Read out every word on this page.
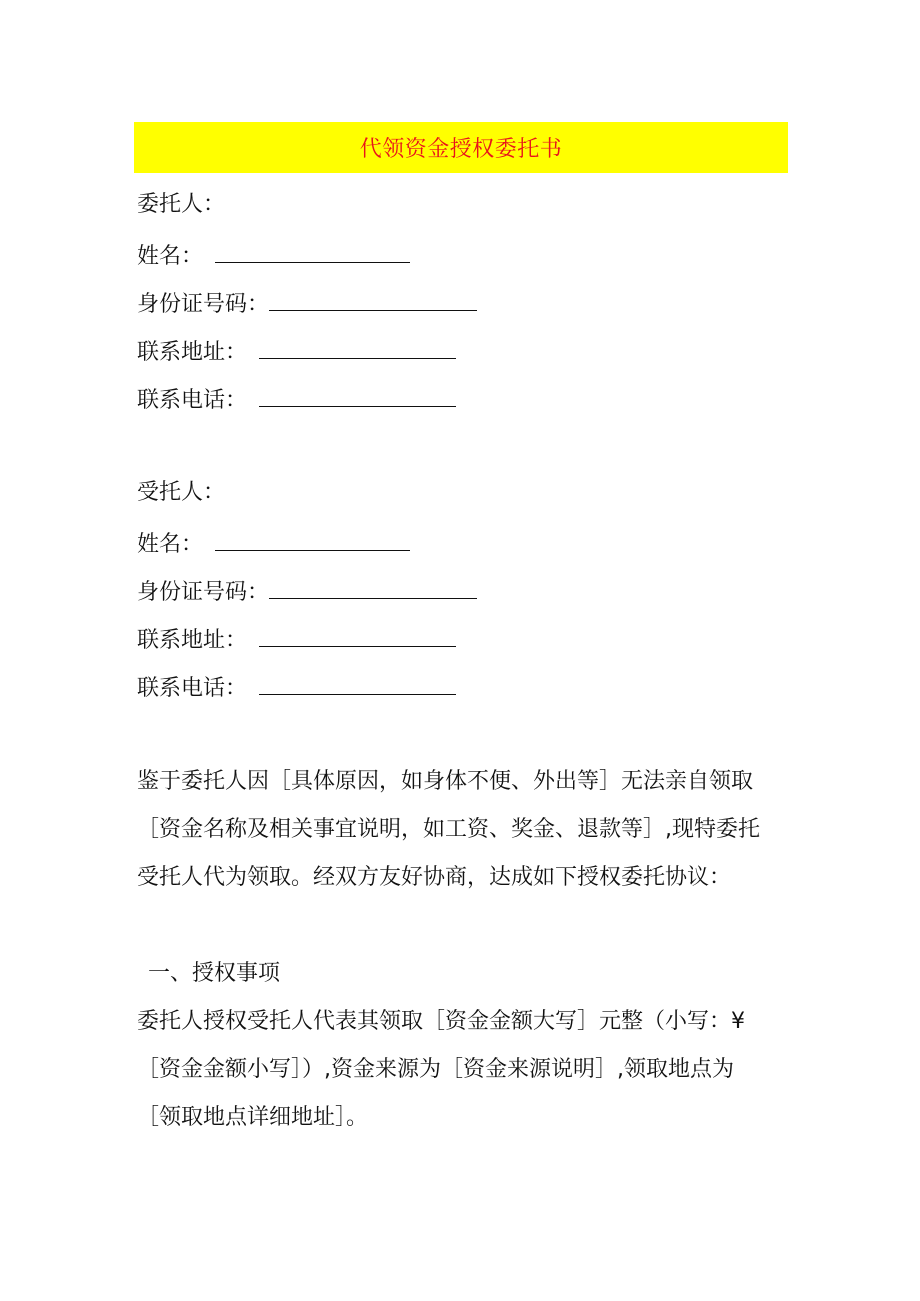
代领资金授权委托书
委托人：
姓名：
身份证号码：
联系地址：
联系电话：
受托人：
姓名：
身份证号码：
联系地址：
联系电话：
鉴于委托人因［具体原因，如身体不便、外出等］无法亲自领取
［资金名称及相关事宜说明，如工资、奖金、退款等］,现特委托
受托人代为领取。经双方友好协商，达成如下授权委托协议：
一、授权事项
委托人授权受托人代表其领取［资金金额大写］元整（小写：¥
［资金金额小写］）,资金来源为［资金来源说明］,领取地点为
［领取地点详细地址］。
